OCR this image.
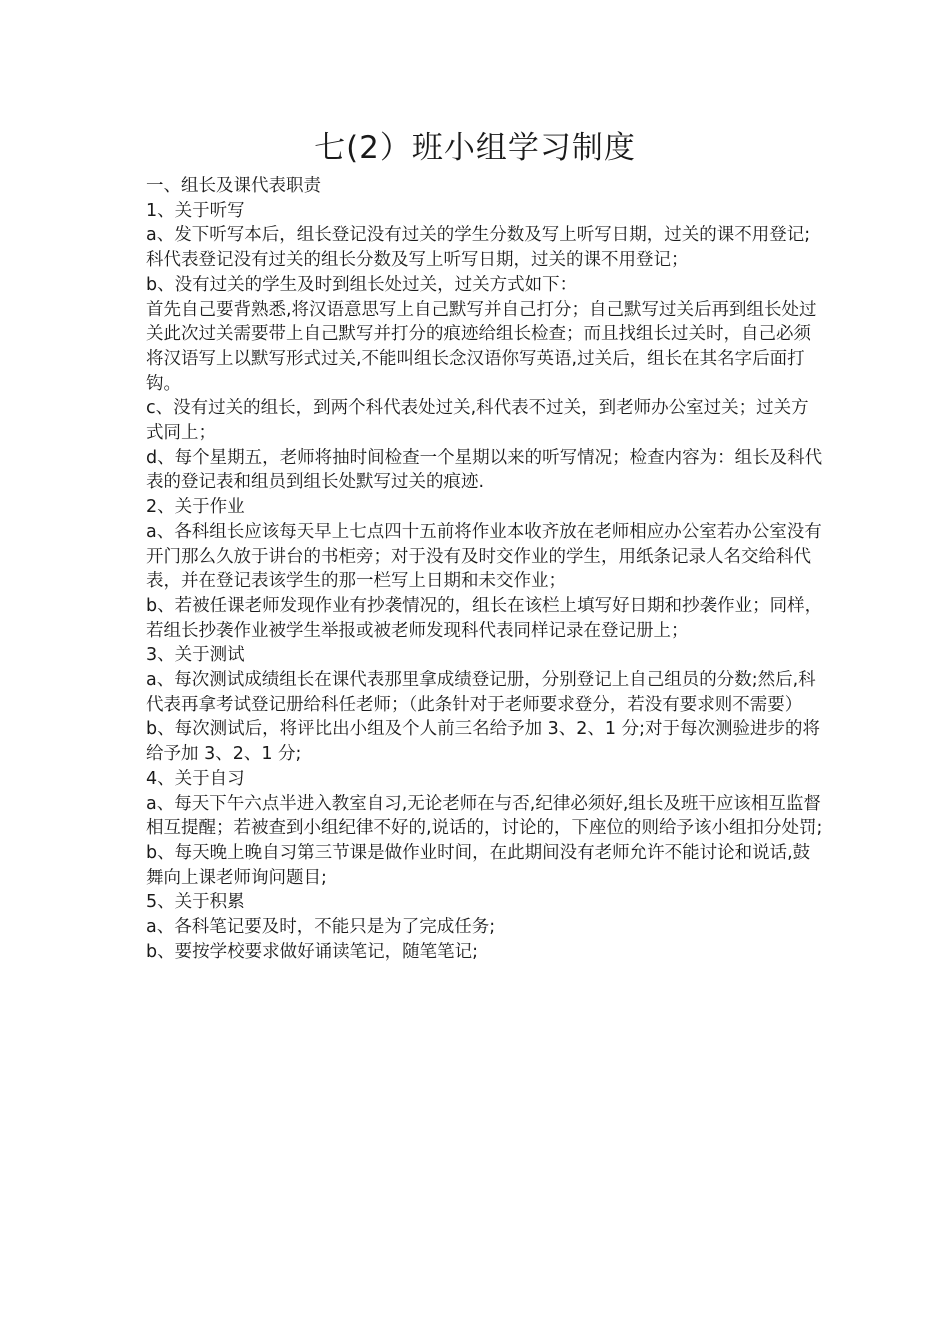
七(2）班小组学习制度

一、组长及课代表职责

1、关于听写

a、发下听写本后，组长登记没有过关的学生分数及写上听写日期，过关的课不用登记;科代表登记没有过关的组长分数及写上听写日期，过关的课不用登记；

b、没有过关的学生及时到组长处过关，过关方式如下：

首先自己要背熟悉,将汉语意思写上自己默写并自己打分；自己默写过关后再到组长处过关此次过关需要带上自己默写并打分的痕迹给组长检查；而且找组长过关时，自己必须将汉语写上以默写形式过关,不能叫组长念汉语你写英语,过关后，组长在其名字后面打钩。

c、没有过关的组长，到两个科代表处过关,科代表不过关，到老师办公室过关；过关方式同上；

d、每个星期五，老师将抽时间检查一个星期以来的听写情况；检查内容为：组长及科代表的登记表和组员到组长处默写过关的痕迹.

2、关于作业

a、各科组长应该每天早上七点四十五前将作业本收齐放在老师相应办公室若办公室没有开门那么久放于讲台的书柜旁；对于没有及时交作业的学生，用纸条记录人名交给科代表，并在登记表该学生的那一栏写上日期和未交作业；

b、若被任课老师发现作业有抄袭情况的，组长在该栏上填写好日期和抄袭作业；同样，若组长抄袭作业被学生举报或被老师发现科代表同样记录在登记册上；

3、关于测试

a、每次测试成绩组长在课代表那里拿成绩登记册，分别登记上自己组员的分数;然后,科代表再拿考试登记册给科任老师；（此条针对于老师要求登分，若没有要求则不需要）

b、每次测试后，将评比出小组及个人前三名给予加 3、2、1 分;对于每次测验进步的将给予加 3、2、1 分;

4、关于自习

a、每天下午六点半进入教室自习,无论老师在与否,纪律必须好,组长及班干应该相互监督相互提醒；若被查到小组纪律不好的,说话的，讨论的，下座位的则给予该小组扣分处罚;

b、每天晚上晚自习第三节课是做作业时间，在此期间没有老师允许不能讨论和说话,鼓舞向上课老师询问题目;

5、关于积累

a、各科笔记要及时，不能只是为了完成任务;

b、要按学校要求做好诵读笔记，随笔笔记;
